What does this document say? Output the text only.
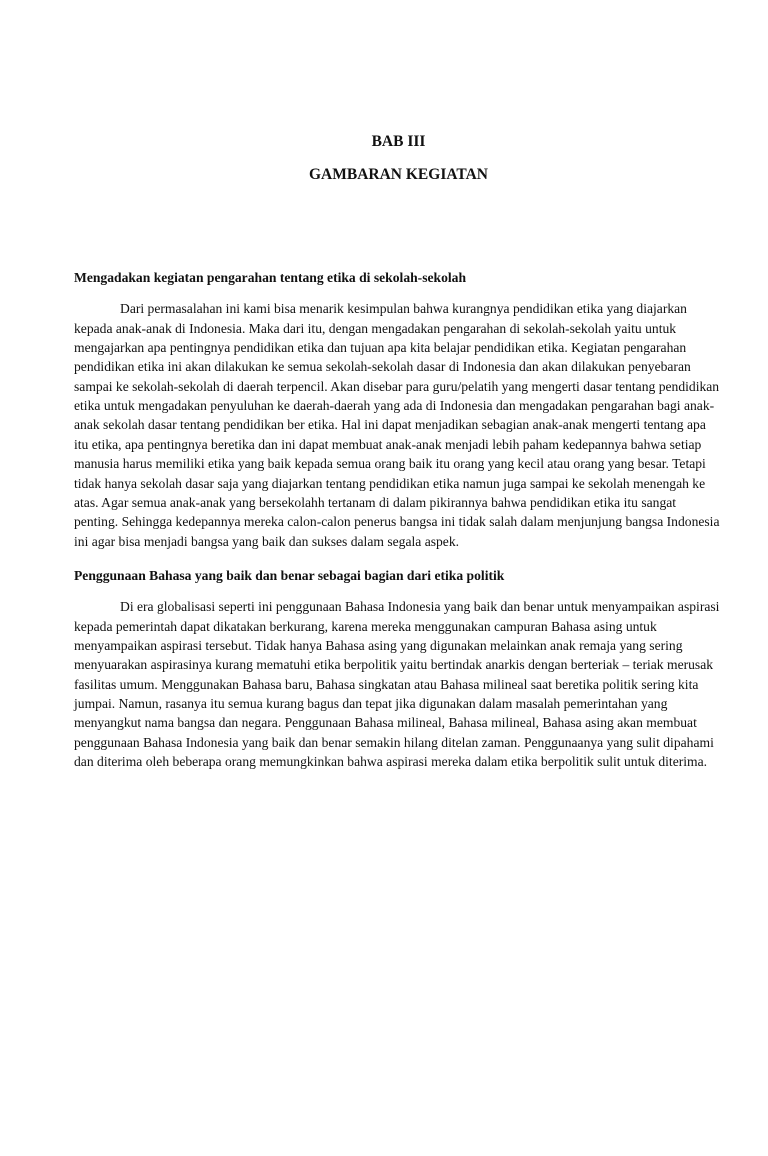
BAB III
GAMBARAN KEGIATAN

Mengadakan kegiatan pengarahan tentang etika di sekolah-sekolah

Dari permasalahan ini kami bisa menarik kesimpulan bahwa kurangnya pendidikan etika yang diajarkan kepada anak-anak di Indonesia. Maka dari itu, dengan mengadakan pengarahan di sekolah-sekolah yaitu untuk mengajarkan apa pentingnya pendidikan etika dan tujuan apa kita belajar pendidikan etika. Kegiatan pengarahan pendidikan etika ini akan dilakukan ke semua sekolah-sekolah dasar di Indonesia dan akan dilakukan penyebaran sampai ke sekolah-sekolah di daerah terpencil. Akan disebar para guru/pelatih yang mengerti dasar tentang pendidikan etika untuk mengadakan penyuluhan ke daerah-daerah yang ada di Indonesia dan mengadakan pengarahan bagi anak-anak sekolah dasar tentang pendidikan ber etika. Hal ini dapat menjadikan sebagian anak-anak mengerti tentang apa itu etika, apa pentingnya beretika dan ini dapat membuat anak-anak menjadi lebih paham kedepannya bahwa setiap manusia harus memiliki etika yang baik kepada semua orang baik itu orang yang kecil atau orang yang besar. Tetapi tidak hanya sekolah dasar saja yang diajarkan tentang pendidikan etika namun juga sampai ke sekolah menengah ke atas. Agar semua anak-anak yang bersekolahh tertanam di dalam pikirannya bahwa pendidikan etika itu sangat penting. Sehingga kedepannya mereka calon-calon penerus bangsa ini tidak salah dalam menjunjung bangsa Indonesia ini agar bisa menjadi bangsa yang baik dan sukses dalam segala aspek.

Penggunaan Bahasa yang baik dan benar sebagai bagian dari etika politik

Di era globalisasi seperti ini penggunaan Bahasa Indonesia yang baik dan benar untuk menyampaikan aspirasi kepada pemerintah dapat dikatakan berkurang, karena mereka menggunakan campuran Bahasa asing untuk menyampaikan aspirasi tersebut. Tidak hanya Bahasa asing yang digunakan melainkan anak remaja yang sering menyuarakan aspirasinya kurang mematuhi etika berpolitik yaitu bertindak anarkis dengan berteriak – teriak merusak fasilitas umum. Menggunakan Bahasa baru, Bahasa singkatan atau Bahasa milineal saat beretika politik sering kita jumpai. Namun, rasanya itu semua kurang bagus dan tepat jika digunakan dalam masalah pemerintahan yang menyangkut nama bangsa dan negara. Penggunaan Bahasa milineal, Bahasa milineal, Bahasa asing akan membuat penggunaan Bahasa Indonesia yang baik dan benar semakin hilang ditelan zaman. Penggunaanya yang sulit dipahami dan diterima oleh beberapa orang memungkinkan bahwa aspirasi mereka dalam etika berpolitik sulit untuk diterima.
